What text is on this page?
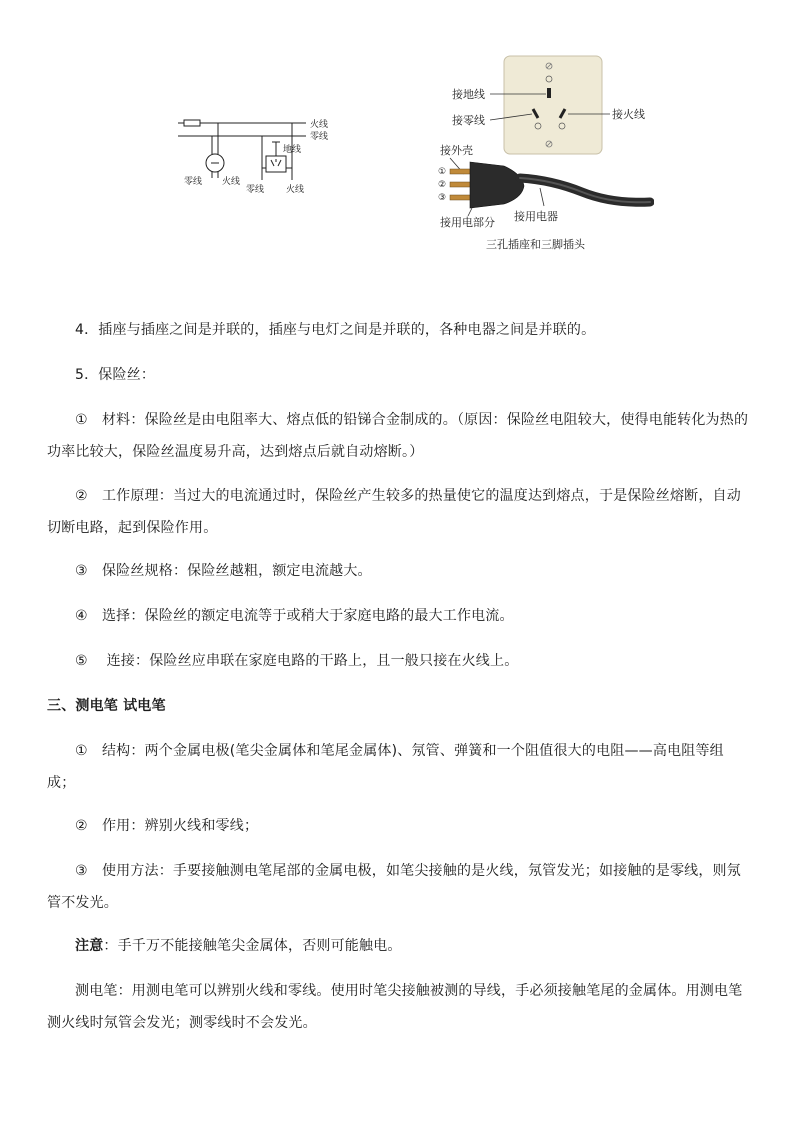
火线
零线
地线
零线 火线
零线 火线
接地线
接零线	接火线
接外壳
①
②
③
接用电部分 接用电器
三孔插座和三脚插头

4．插座与插座之间是并联的，插座与电灯之间是并联的，各种电器之间是并联的。

5．保险丝：

①　材料：保险丝是由电阻率大、熔点低的铅锑合金制成的。（原因：保险丝电阻较大，使得电能转化为热的功率比较大，保险丝温度易升高，达到熔点后就自动熔断。）

②　工作原理：当过大的电流通过时，保险丝产生较多的热量使它的温度达到熔点，于是保险丝熔断，自动切断电路，起到保险作用。

③　保险丝规格：保险丝越粗，额定电流越大。

④　选择：保险丝的额定电流等于或稍大于家庭电路的最大工作电流。

⑤　 连接：保险丝应串联在家庭电路的干路上，且一般只接在火线上。

三、测电笔 试电笔

①　结构：两个金属电极(笔尖金属体和笔尾金属体)、氖管、弹簧和一个阻值很大的电阻——高电阻等组成；

②　作用：辨别火线和零线；

③　使用方法：手要接触测电笔尾部的金属电极，如笔尖接触的是火线，氖管发光；如接触的是零线，则氖管不发光。

注意：手千万不能接触笔尖金属体，否则可能触电。

测电笔：用测电笔可以辨别火线和零线。使用时笔尖接触被测的导线，手必须接触笔尾的金属体。用测电笔测火线时氖管会发光；测零线时不会发光。
